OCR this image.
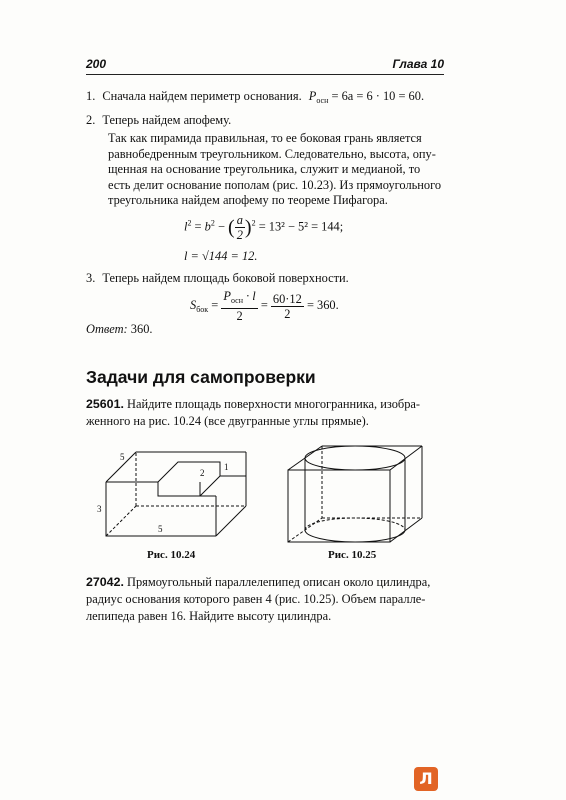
200	Глава 10
1. Сначала найдем периметр основания. $P_{осн} = 6a = 6 \cdot 10 = 60$.
2. Теперь найдем апофему.
Так как пирамида правильная, то ее боковая грань является
равнобедренным треугольником. Следовательно, высота, опу-
щенная на основание треугольника, служит и медианой, то
есть делит основание пополам (рис. 10.23). Из прямоугольного
треугольника найдем апофему по теореме Пифагора.
$l^2 = b^2$ − ( $\frac{a}{2} )^2 = 13^2 - 5^2 = 144$;
l = √144 = 12.
3. Теперь найдем площадь боковой поверхности.
$S_{бок} = \frac{P_{осн} \cdot l}{2} = \frac{60\cdot 12}{2} = 360$.
Ответ: 360.
Задачи для самопроверки
25601. Найдите площадь поверхности многогранника, изобра-
женного на рис. 10.24 (все двугранные углы прямые).
5
2
1
3
5
Рис. 10.24	Рис. 10.25
27042. Прямоугольный параллелепипед описан около цилиндра,
радиус основания которого равен 4 (рис. 10.25). Объем паралле-
лепипеда равен 16. Найдите высоту цилиндра.
Л
